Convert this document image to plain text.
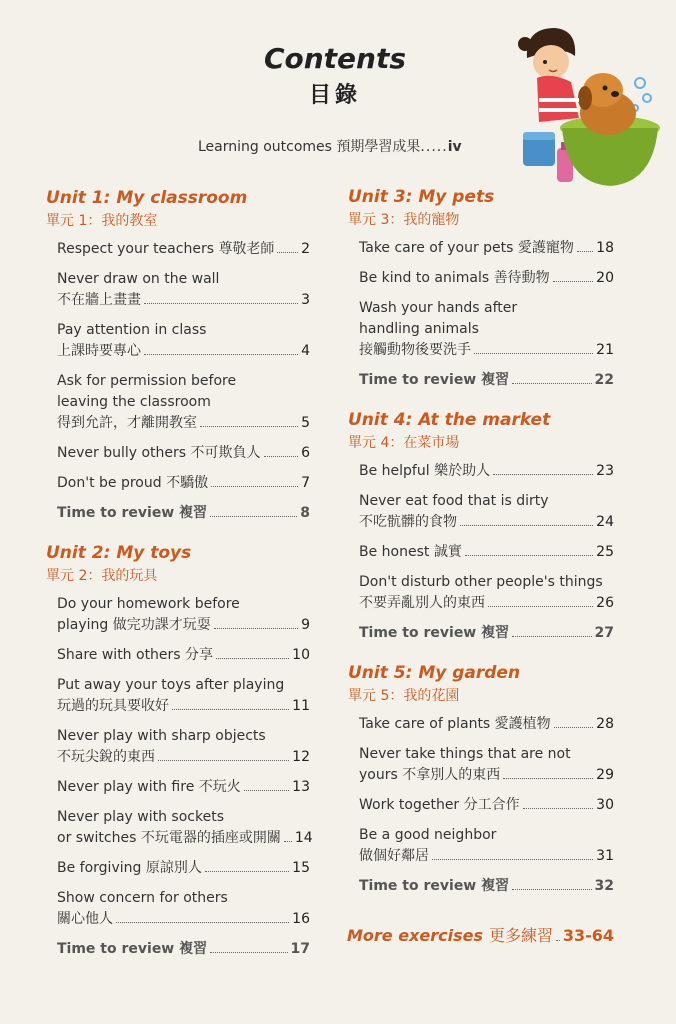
Contents
目錄
Learning outcomes 預期學習成果.....iv
Unit 1: My classroom
單元 1：我的教室
Respect your teachers 尊敬老師 2
Never draw on the wall
不在牆上畫畫	3
Pay attention in class
上課時要專心	4
Ask for permission before
leaving the classroom
得到允許，才離開教室	5
Never bully others 不可欺負人	6
Don't be proud 不驕傲	7
Time to review 複習	8
Unit 2: My toys
單元 2：我的玩具
Do your homework before
playing 做完功課才玩耍	9
Share with others 分享	10
Put away your toys after playing
玩過的玩具要收好	11
Never play with sharp objects
不玩尖銳的東西	12
Never play with fire 不玩火	13
Never play with sockets
or switches 不玩電器的插座或開關 14
Be forgiving 原諒別人	15
Show concern for others
關心他人	16
Time to review 複習	17
Unit 3: My pets
單元 3：我的寵物
Take care of your pets 愛護寵物 18
Be kind to animals 善待動物	20
Wash your hands after
handling animals
接觸動物後要洗手	21
Time to review 複習	22
Unit 4: At the market
單元 4：在菜市場
Be helpful 樂於助人	23
Never eat food that is dirty
不吃骯髒的食物	24
Be honest 誠實	25
Don't disturb other people's things
不要弄亂別人的東西	26
Time to review 複習	27
Unit 5: My garden
單元 5：我的花園
Take care of plants 愛護植物	28
Never take things that are not
yours 不拿別人的東西	29
Work together 分工合作	30
Be a good neighbor
做個好鄰居	31
Time to review 複習	32
More exercises 更多練習 33-64
